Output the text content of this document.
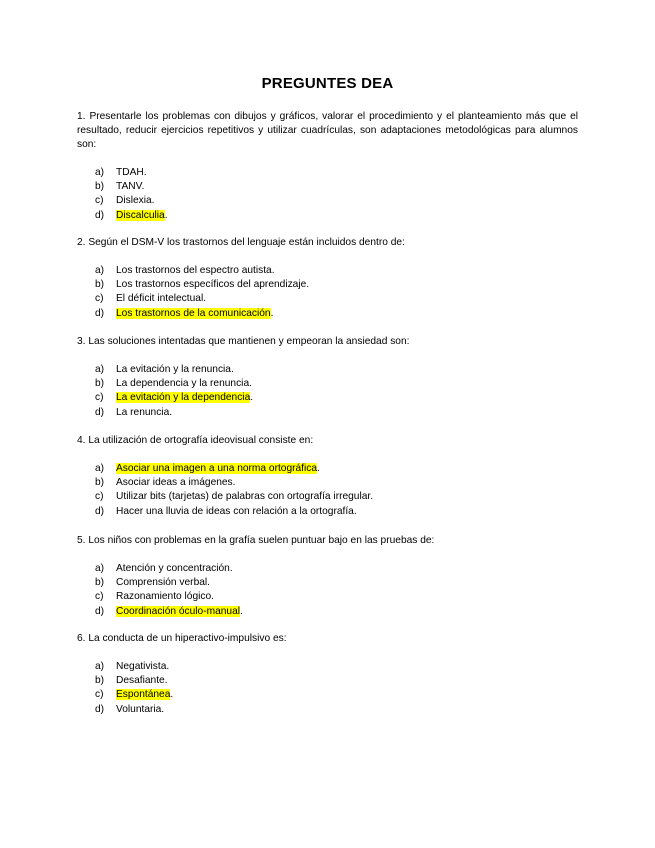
PREGUNTES DEA

1. Presentarle los problemas con dibujos y gráficos, valorar el procedimiento y el planteamiento más que el resultado, reducir ejercicios repetitivos y utilizar cuadrículas, son adaptaciones metodológicas para alumnos son:

a) TDAH.
b) TANV.
c) Dislexia.
d) Discalculia.

2. Según el DSM-V los trastornos del lenguaje están incluidos dentro de:

a) Los trastornos del espectro autista.
b) Los trastornos específicos del aprendizaje.
c) El déficit intelectual.
d) Los trastornos de la comunicación.

3. Las soluciones intentadas que mantienen y empeoran la ansiedad son:

a) La evitación y la renuncia.
b) La dependencia y la renuncia.
c) La evitación y la dependencia.
d) La renuncia.

4. La utilización de ortografía ideovisual consiste en:

a) Asociar una imagen a una norma ortográfica.
b) Asociar ideas a imágenes.
c) Utilizar bits (tarjetas) de palabras con ortografía irregular.
d) Hacer una lluvia de ideas con relación a la ortografía.

5. Los niños con problemas en la grafía suelen puntuar bajo en las pruebas de:

a) Atención y concentración.
b) Comprensión verbal.
c) Razonamiento lógico.
d) Coordinación óculo-manual.

6. La conducta de un hiperactivo-impulsivo es:

a) Negativista.
b) Desafiante.
c) Espontánea.
d) Voluntaria.
